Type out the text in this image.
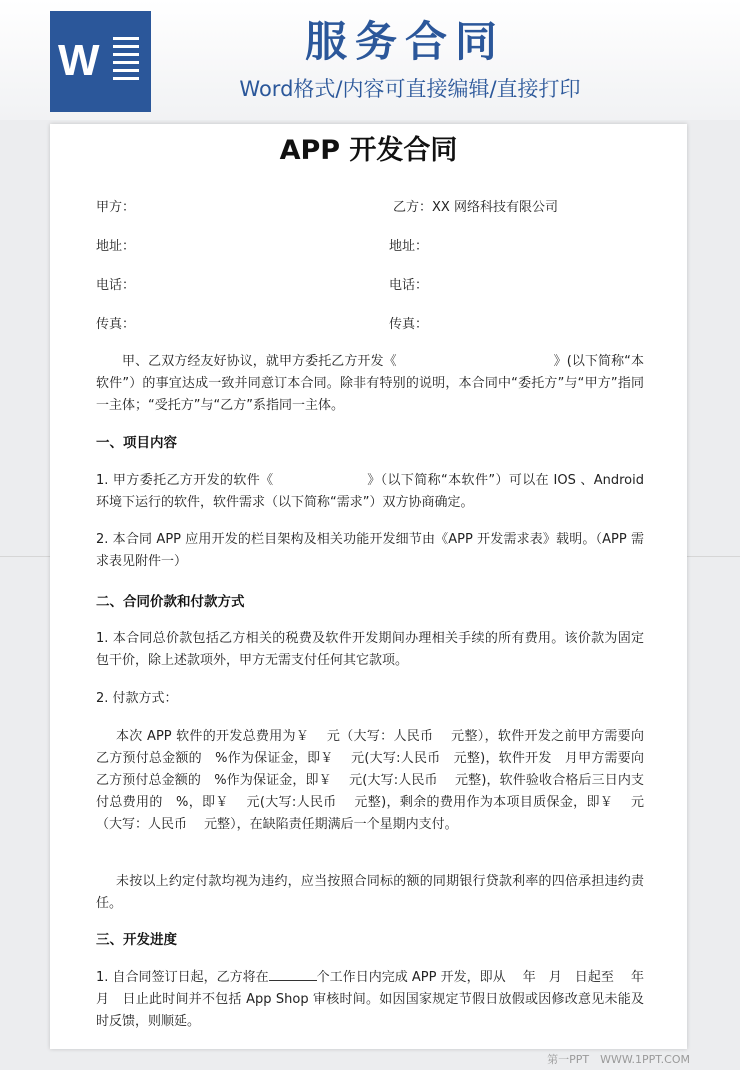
W	服务合同
Word格式/内容可直接编辑/直接打印
APP 开发合同
甲方：	乙方：XX 网络科技有限公司
地址：	地址：
电话：	电话：
传真：	传真：
甲、乙双方经友好协议，就甲方委托乙方开发《　　　　　　　　　　　　》(以下简称“本软件”）的事宜达成一致并同意订本合同。除非有特别的说明，本合同中“委托方”与“甲方”指同一主体；“受托方”与“乙方”系指同一主体。
一、项目内容
1. 甲方委托乙方开发的软件《　　　　　　　》（以下简称“本软件”）可以在 IOS 、Android 环境下运行的软件，软件需求（以下简称“需求”）双方协商确定。
2. 本合同 APP 应用开发的栏目架构及相关功能开发细节由《APP 开发需求表》载明。（APP 需求表见附件一）
二、合同价款和付款方式
1. 本合同总价款包括乙方相关的税费及软件开发期间办理相关手续的所有费用。该价款为固定包干价，除上述款项外，甲方无需支付任何其它款项。
2. 付款方式：
本次 APP 软件的开发总费用为￥　 元（大写：人民币　 元整），软件开发之前甲方需要向乙方预付总金额的　%作为保证金，即￥　 元(大写:人民币　元整)，软件开发　月甲方需要向乙方预付总金额的　%作为保证金，即￥　 元(大写:人民币　 元整)，软件验收合格后三日内支付总费用的　%，即￥　 元(大写:人民币　 元整)，剩余的费用作为本项目质保金，即￥　 元（大写：人民币　 元整），在缺陷责任期满后一个星期内支付。
未按以上约定付款均视为违约，应当按照合同标的额的同期银行贷款利率的四倍承担违约责任。
三、开发进度
1. 自合同签订日起，乙方将在	个工作日内完成 APP 开发，即从　 年　月　日起至　 年　月　日止此时间并不包括 App Shop 审核时间。如因国家规定节假日放假或因修改意见未能及时反馈，则顺延。
第一PPT　WWW.1PPT.COM
